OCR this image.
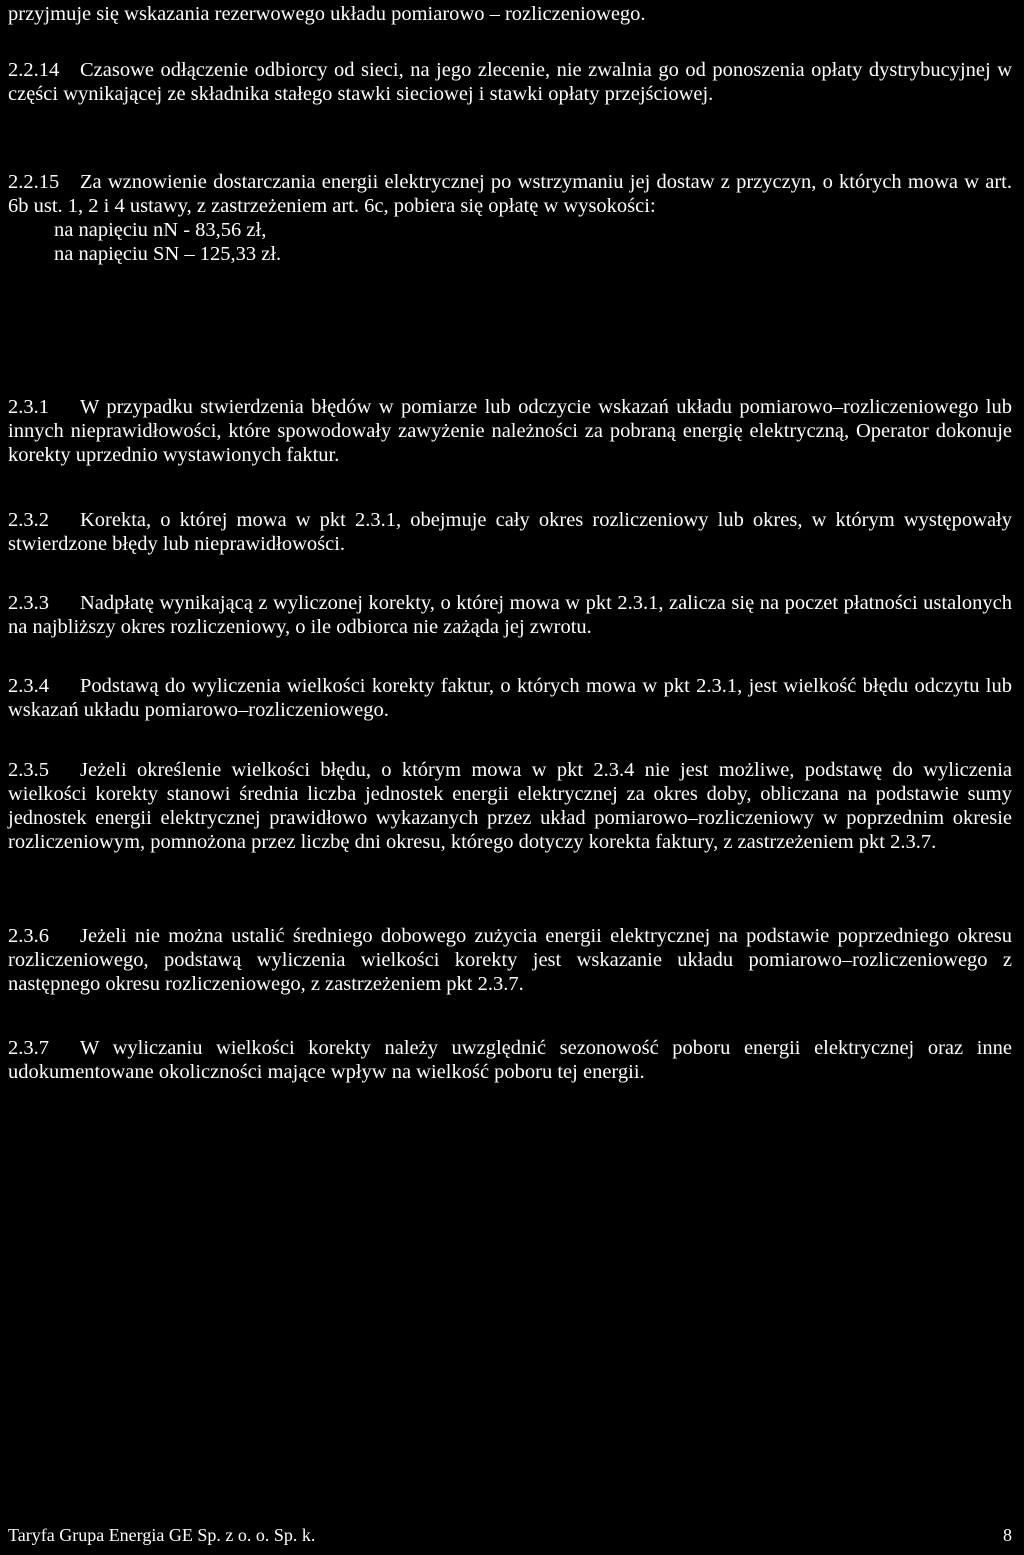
przyjmuje się wskazania rezerwowego układu pomiarowo – rozliczeniowego.

2.2.14 Czasowe odłączenie odbiorcy od sieci, na jego zlecenie, nie zwalnia go od ponoszenia opłaty dystrybucyjnej w części wynikającej ze składnika stałego stawki sieciowej i stawki opłaty przejściowej.

2.2.15 Za wznowienie dostarczania energii elektrycznej po wstrzymaniu jej dostaw z przyczyn, o których mowa w art. 6b ust. 1, 2 i 4 ustawy, z zastrzeżeniem art. 6c, pobiera się opłatę w wysokości:
na napięciu nN - 83,56 zł,
na napięciu SN – 125,33 zł.

2.3.1 W przypadku stwierdzenia błędów w pomiarze lub odczycie wskazań układu pomiarowo–rozliczeniowego lub innych nieprawidłowości, które spowodowały zawyżenie należności za pobraną energię elektryczną, Operator dokonuje korekty uprzednio wystawionych faktur.

2.3.2 Korekta, o której mowa w pkt 2.3.1, obejmuje cały okres rozliczeniowy lub okres, w którym występowały stwierdzone błędy lub nieprawidłowości.

2.3.3 Nadpłatę wynikającą z wyliczonej korekty, o której mowa w pkt 2.3.1, zalicza się na poczet płatności ustalonych na najbliższy okres rozliczeniowy, o ile odbiorca nie zażąda jej zwrotu.

2.3.4 Podstawą do wyliczenia wielkości korekty faktur, o których mowa w pkt 2.3.1, jest wielkość błędu odczytu lub wskazań układu pomiarowo–rozliczeniowego.

2.3.5 Jeżeli określenie wielkości błędu, o którym mowa w pkt 2.3.4 nie jest możliwe, podstawę do wyliczenia wielkości korekty stanowi średnia liczba jednostek energii elektrycznej za okres doby, obliczana na podstawie sumy jednostek energii elektrycznej prawidłowo wykazanych przez układ pomiarowo–rozliczeniowy w poprzednim okresie rozliczeniowym, pomnożona przez liczbę dni okresu, którego dotyczy korekta faktury, z zastrzeżeniem pkt 2.3.7.

2.3.6 Jeżeli nie można ustalić średniego dobowego zużycia energii elektrycznej na podstawie poprzedniego okresu rozliczeniowego, podstawą wyliczenia wielkości korekty jest wskazanie układu pomiarowo–rozliczeniowego z następnego okresu rozliczeniowego, z zastrzeżeniem pkt 2.3.7.

2.3.7 W wyliczaniu wielkości korekty należy uwzględnić sezonowość poboru energii elektrycznej oraz inne udokumentowane okoliczności mające wpływ na wielkość poboru tej energii.

Taryfa Grupa Energia GE Sp. z o. o. Sp. k.	8
